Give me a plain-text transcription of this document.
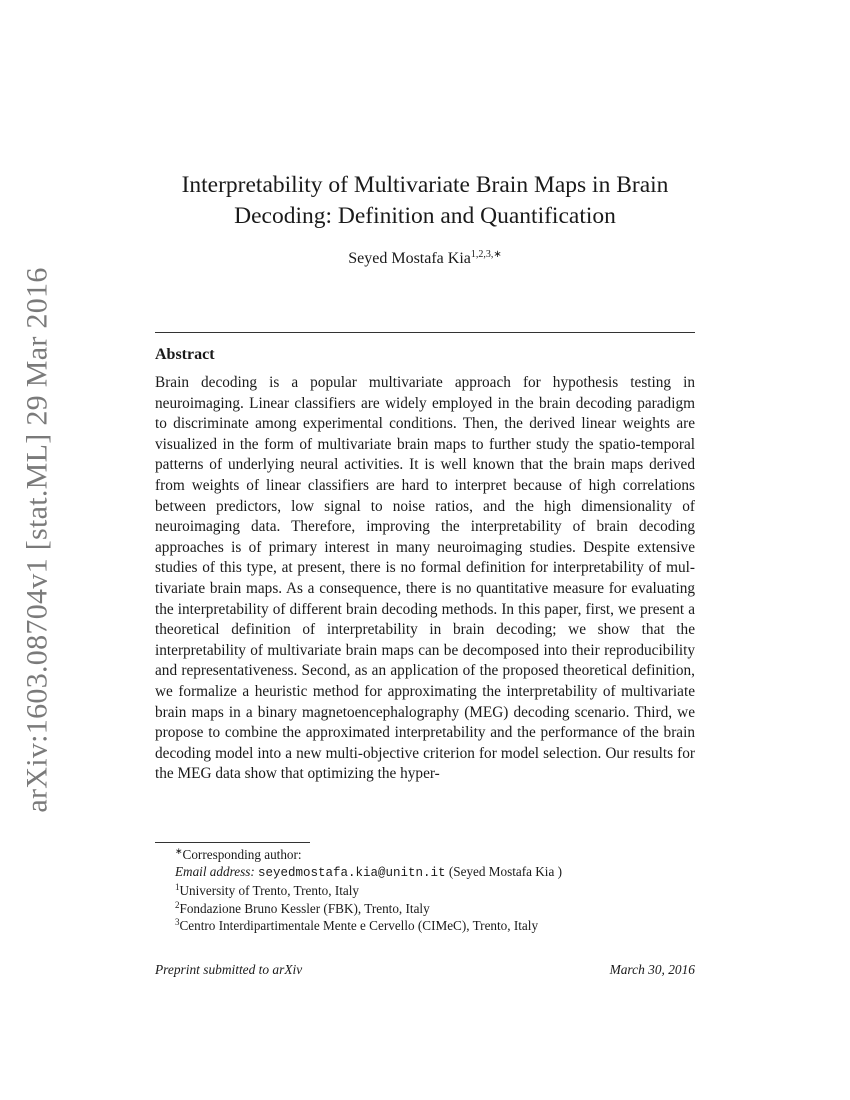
arXiv:1603.08704v1 [stat.ML] 29 Mar 2016
Interpretability of Multivariate Brain Maps in Brain Decoding: Definition and Quantification
Seyed Mostafa Kia$^{1,2,3,∗}$
Abstract

Brain decoding is a popular multivariate approach for hypothesis testing in neuroimaging. Linear classifiers are widely employed in the brain decoding paradigm to discriminate among experimental conditions. Then, the derived linear weights are visualized in the form of multivariate brain maps to further study the spatio-temporal patterns of underlying neural activities. It is well known that the brain maps derived from weights of linear classifiers are hard to interpret because of high correlations between predictors, low signal to noise ratios, and the high dimensionality of neuroimaging data. Therefore, improving the interpretability of brain decoding approaches is of primary interest in many neuroimaging studies. Despite extensive studies of this type, at present, there is no formal definition for interpretability of multivariate brain maps. As a consequence, there is no quantitative measure for evaluating the interpretability of different brain decoding methods. In this paper, first, we present a theoretical definition of interpretability in brain decoding; we show that the interpretability of multivariate brain maps can be decomposed into their reproducibility and representativeness. Second, as an application of the proposed theoretical definition, we formalize a heuristic method for approximating the interpretability of multivariate brain maps in a binary magnetoencephalography (MEG) decoding scenario. Third, we propose to combine the approximated interpretability and the performance of the brain decoding model into a new multi-objective criterion for model selection. Our results for the MEG data show that optimizing the hyper-

∗Corresponding author:
Email address: seyedmostafa.kia@unitn.it (Seyed Mostafa Kia )
$^1$University of Trento, Trento, Italy
$^2$Fondazione Bruno Kessler (FBK), Trento, Italy
$^3$Centro Interdipartimentale Mente e Cervello (CIMeC), Trento, Italy
Preprint submitted to arXiv	March 30, 2016
